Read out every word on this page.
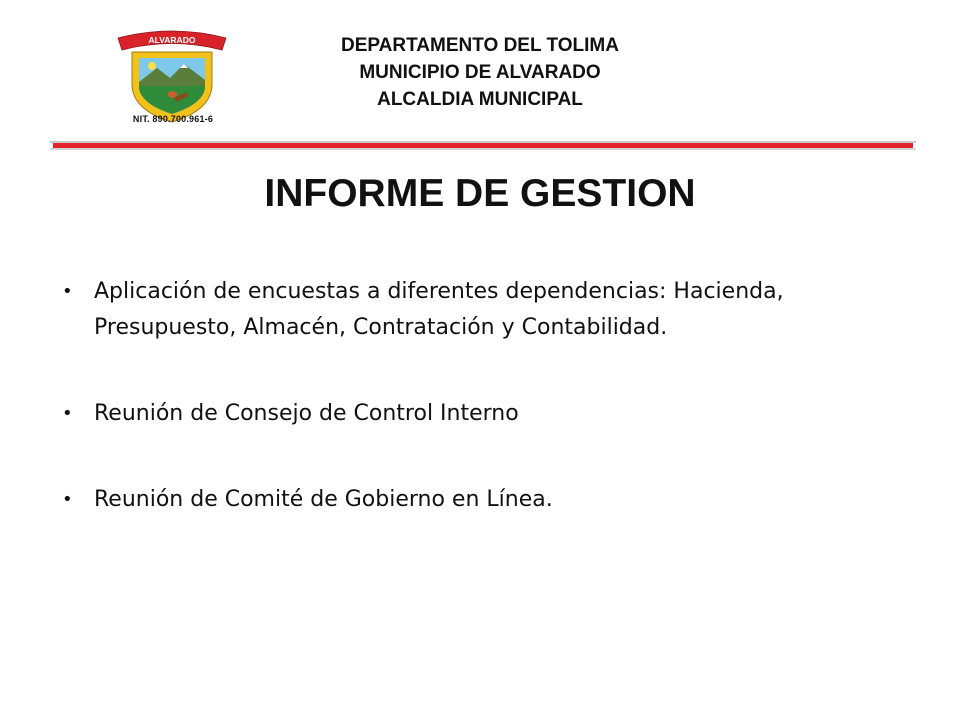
ALVARADO
NIT. 890.700.961-6
DEPARTAMENTO DEL TOLIMA
MUNICIPIO DE ALVARADO
ALCALDIA MUNICIPAL
INFORME DE GESTION
• Aplicación de encuestas a diferentes dependencias: Hacienda, Presupuesto, Almacén, Contratación y Contabilidad.
• Reunión de Consejo de Control Interno
• Reunión de Comité de Gobierno en Línea.
